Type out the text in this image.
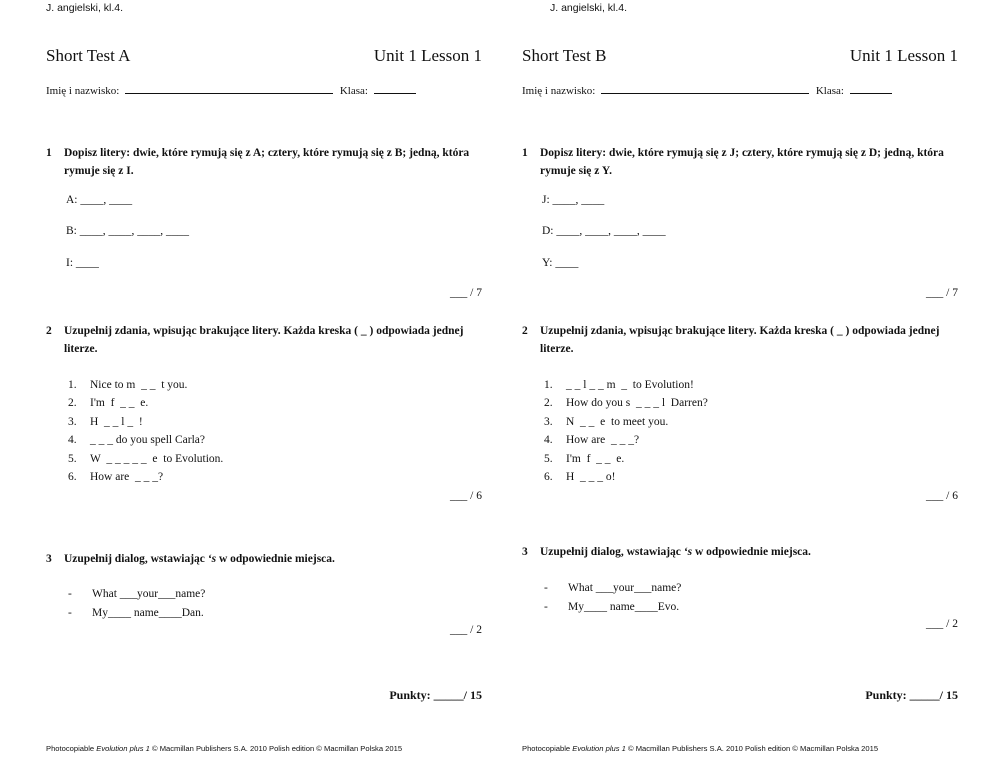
J. angielski, kl.4.
Short Test A	Unit 1 Lesson 1
Imię i nazwisko:	Klasa:
1 Dopisz litery: dwie, które rymują się z A; cztery, które rymują się z B; jedną, która rymuje się z I.
A: ____, ____
B: ____, ____, ____, ____
I: ____
___ / 7
2 Uzupełnij zdania, wpisując brakujące litery. Każda kreska ( _ ) odpowiada jednej literze.
1. Nice to m  _ _  t you.
2. I'm  f  _ _  e.
3. H  _ _ l _  !
4. _ _ _ do you spell Carla?
5. W  _ _ _ _ _  e  to Evolution.
6. How are  _ _ _?
___ / 6
3 Uzupełnij dialog, wstawiając ‘s w odpowiednie miejsca.
- What ___your___name?
- My____ name____Dan.
___ / 2
Punkty: _____/ 15
Photocopiable Evolution plus 1 © Macmillan Publishers S.A. 2010 Polish edition © Macmillan Polska 2015
J. angielski, kl.4.
Short Test B	Unit 1 Lesson 1
Imię i nazwisko:	Klasa:
1 Dopisz litery: dwie, które rymują się z J; cztery, które rymują się z D; jedną, która rymuje się z Y.
J: ____, ____
D: ____, ____, ____, ____
Y: ____
___ / 7
2 Uzupełnij zdania, wpisując brakujące litery. Każda kreska ( _ ) odpowiada jednej literze.
1. _ _ l _ _ m  _  to Evolution!
2. How do you s  _ _ _ l  Darren?
3. N  _ _  e  to meet you.
4. How are  _ _ _?
5. I'm  f  _ _  e.
6. H  _ _ _ o!
___ / 6
3 Uzupełnij dialog, wstawiając ‘s w odpowiednie miejsca.
- What ___your___name?
- My____ name____Evo.
___ / 2
Punkty: _____/ 15
Photocopiable Evolution plus 1 © Macmillan Publishers S.A. 2010 Polish edition © Macmillan Polska 2015
